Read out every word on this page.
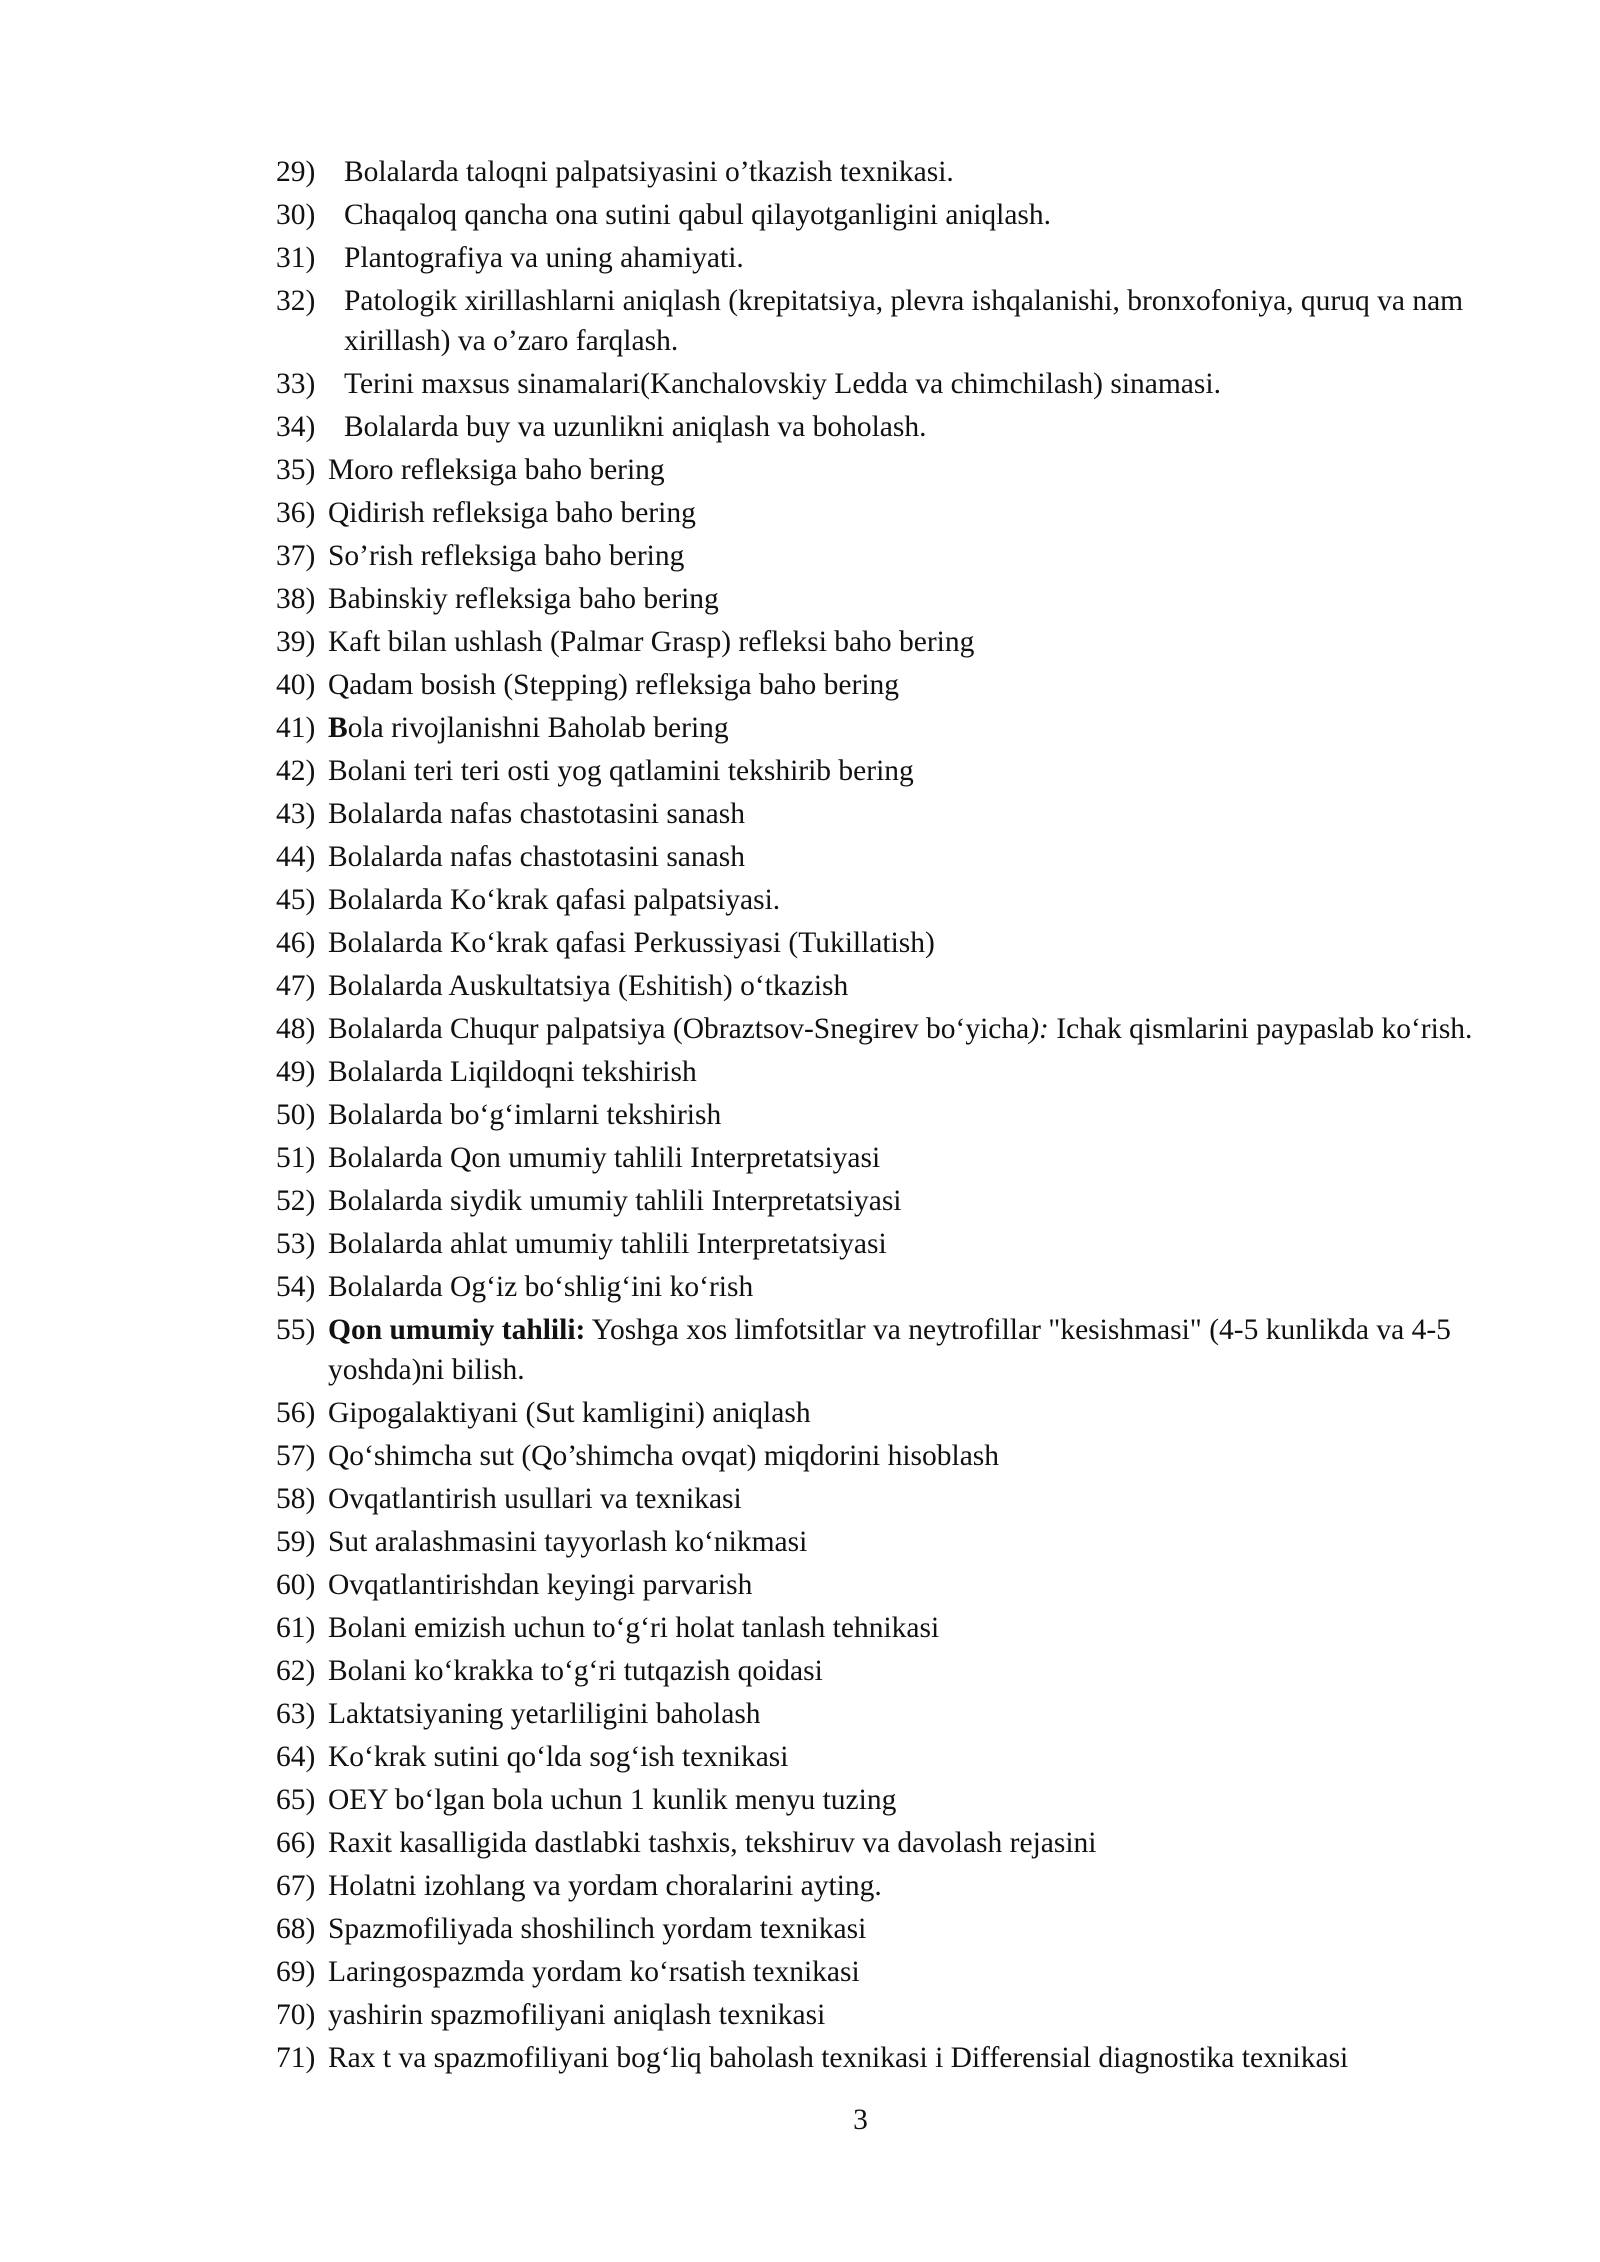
29) Bolalarda taloqni palpatsiyasini o’tkazish texnikasi.
30) Chaqaloq qancha ona sutini qabul qilayotganligini aniqlash.
31) Plantografiya va uning ahamiyati.
32) Patologik xirillashlarni aniqlash (krepitatsiya, plevra ishqalanishi, bronxofoniya, quruq va nam xirillash) va o’zaro farqlash.
33) Terini maxsus sinamalari(Kanchalovskiy Ledda va chimchilash) sinamasi.
34) Bolalarda buy va uzunlikni aniqlash va boholash.
35) Moro refleksiga baho bering
36) Qidirish refleksiga baho bering
37) So’rish refleksiga baho bering
38) Babinskiy refleksiga baho bering
39) Kaft bilan ushlash (Palmar Grasp) refleksi baho bering
40) Qadam bosish (Stepping) refleksiga baho bering
41) Bola rivojlanishni Baholab bering
42) Bolani teri teri osti yog qatlamini tekshirib bering
43) Bolalarda nafas chastotasini sanash
44) Bolalarda nafas chastotasini sanash
45) Bolalarda Ko‘krak qafasi palpatsiyasi.
46) Bolalarda Ko‘krak qafasi Perkussiyasi (Tukillatish)
47) Bolalarda Auskultatsiya (Eshitish) o‘tkazish
48) Bolalarda Chuqur palpatsiya (Obraztsov-Snegirev bo‘yicha): Ichak qismlarini paypaslab ko‘rish.
49) Bolalarda Liqildoqni tekshirish
50) Bolalarda bo‘g‘imlarni tekshirish
51) Bolalarda Qon umumiy tahlili Interpretatsiyasi
52) Bolalarda siydik umumiy tahlili Interpretatsiyasi
53) Bolalarda ahlat umumiy tahlili Interpretatsiyasi
54) Bolalarda Og‘iz bo‘shlig‘ini ko‘rish
55) Qon umumiy tahlili: Yoshga xos limfotsitlar va neytrofillar "kesishmasi" (4-5 kunlikda va 4-5 yoshda)ni bilish.
56) Gipogalaktiyani (Sut kamligini) aniqlash
57) Qo‘shimcha sut (Qo’shimcha ovqat) miqdorini hisoblash
58) Ovqatlantirish usullari va texnikasi
59) Sut aralashmasini tayyorlash ko‘nikmasi
60) Ovqatlantirishdan keyingi parvarish
61) Bolani emizish uchun to‘g‘ri holat tanlash tehnikasi
62) Bolani ko‘krakka to‘g‘ri tutqazish qoidasi
63) Laktatsiyaning yetarliligini baholash
64) Ko‘krak sutini qo‘lda sog‘ish texnikasi
65) OEY bo‘lgan bola uchun 1 kunlik menyu tuzing
66) Raxit kasalligida dastlabki tashxis, tekshiruv va davolash rejasini
67) Holatni izohlang va yordam choralarini ayting.
68) Spazmofiliyada shoshilinch yordam texnikasi
69) Laringospazmda yordam ko‘rsatish texnikasi
70) yashirin spazmofiliyani aniqlash texnikasi
71) Rax t va spazmofiliyani bog‘liq baholash texnikasi i Differensial diagnostika texnikasi
3
